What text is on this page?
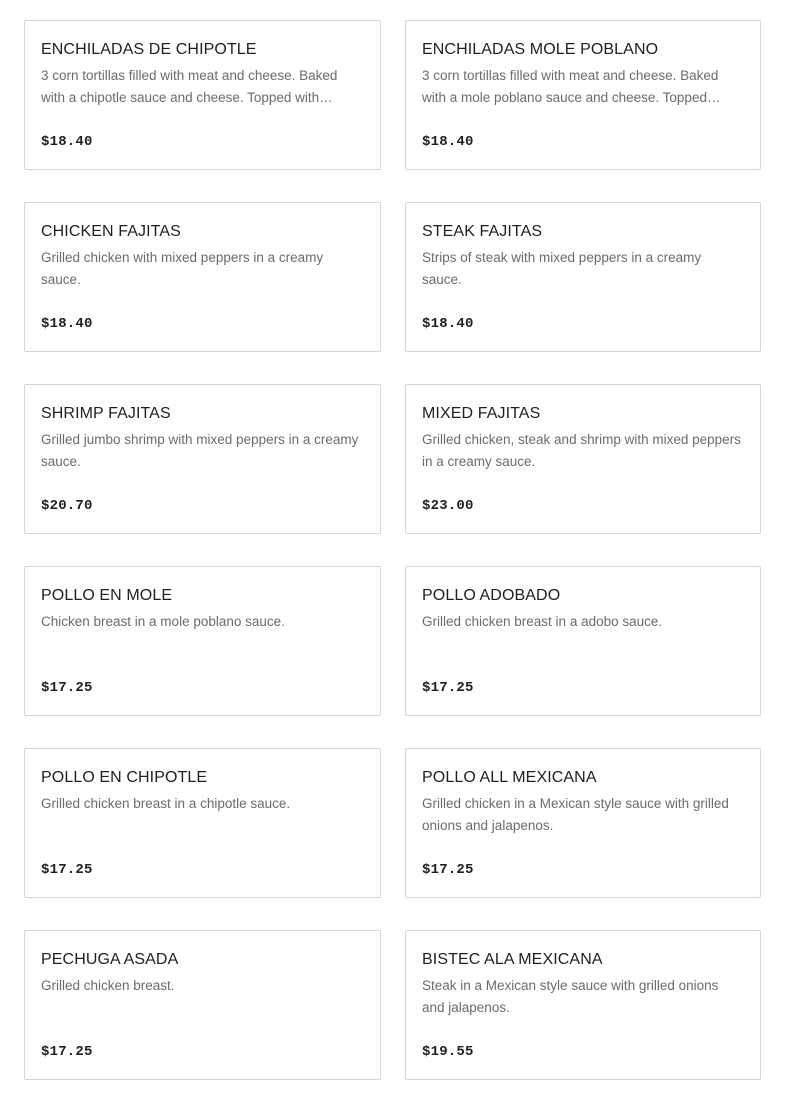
ENCHILADAS DE CHIPOTLE
3 corn tortillas filled with meat and cheese. Baked with a chipotle sauce and cheese. Topped with…
$18.40
ENCHILADAS MOLE POBLANO
3 corn tortillas filled with meat and cheese. Baked with a mole poblano sauce and cheese. Topped…
$18.40
CHICKEN FAJITAS
Grilled chicken with mixed peppers in a creamy sauce.
$18.40
STEAK FAJITAS
Strips of steak with mixed peppers in a creamy sauce.
$18.40
SHRIMP FAJITAS
Grilled jumbo shrimp with mixed peppers in a creamy sauce.
$20.70
MIXED FAJITAS
Grilled chicken, steak and shrimp with mixed peppers in a creamy sauce.
$23.00
POLLO EN MOLE
Chicken breast in a mole poblano sauce.
$17.25
POLLO ADOBADO
Grilled chicken breast in a adobo sauce.
$17.25
POLLO EN CHIPOTLE
Grilled chicken breast in a chipotle sauce.
$17.25
POLLO ALL MEXICANA
Grilled chicken in a Mexican style sauce with grilled onions and jalapenos.
$17.25
PECHUGA ASADA
Grilled chicken breast.
$17.25
BISTEC ALA MEXICANA
Steak in a Mexican style sauce with grilled onions and jalapenos.
$19.55
